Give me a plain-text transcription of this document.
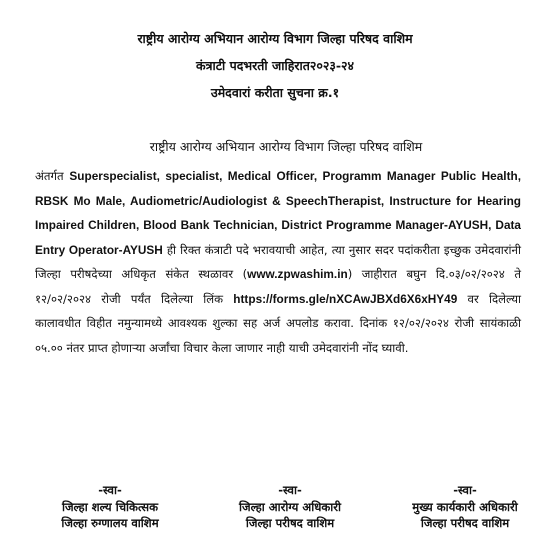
राष्ट्रीय आरोग्य अभियान आरोग्य विभाग जिल्हा परिषद वाशिम
कंत्राटी पदभरती जाहिरात२०२३-२४
उमेदवारां करीता सुचना क्र.१
राष्ट्रीय आरोग्य अभियान आरोग्य विभाग जिल्हा परिषद वाशिम
अंतर्गत Superspecialist, specialist, Medical Officer, Programm Manager Public Health, RBSK Mo Male, Audiometric/Audiologist & SpeechTherapist, Instructure for Hearing Impaired Children, Blood Bank Technician, District Programme Manager-AYUSH, Data Entry Operator-AYUSH ही रिक्त कंत्राटी पदे भरावयाची आहेत, त्या नुसार सदर पदांकरीता इच्छुक उमेदवारांनी जिल्हा परीषदेच्या अधिकृत संकेत स्थळावर (www.zpwashim.in) जाहीरात बघुन दि.०३/०२/२०२४ ते १२/०२/२०२४ रोजी पर्यंत दिलेल्या लिंक https://forms.gle/nXCAwJBXd6X6xHY49 वर दिलेल्या कालावधीत विहीत नमुन्यामध्ये आवश्यक शुल्का सह अर्ज अपलोड करावा. दिनांक १२/०२/२०२४ रोजी सायंकाळी ०५.०० नंतर प्राप्त होणाऱ्या अर्जांचा विचार केला जाणार नाही याची उमेदवारांनी नोंद घ्यावी.
-स्वा-
जिल्हा शल्य चिकित्सक
जिल्हा रुग्णालय वाशिम
-स्वा-
जिल्हा आरोग्य अधिकारी
जिल्हा परीषद वाशिम
-स्वा-
मुख्य कार्यकारी अधिकारी
जिल्हा परीषद वाशिम
